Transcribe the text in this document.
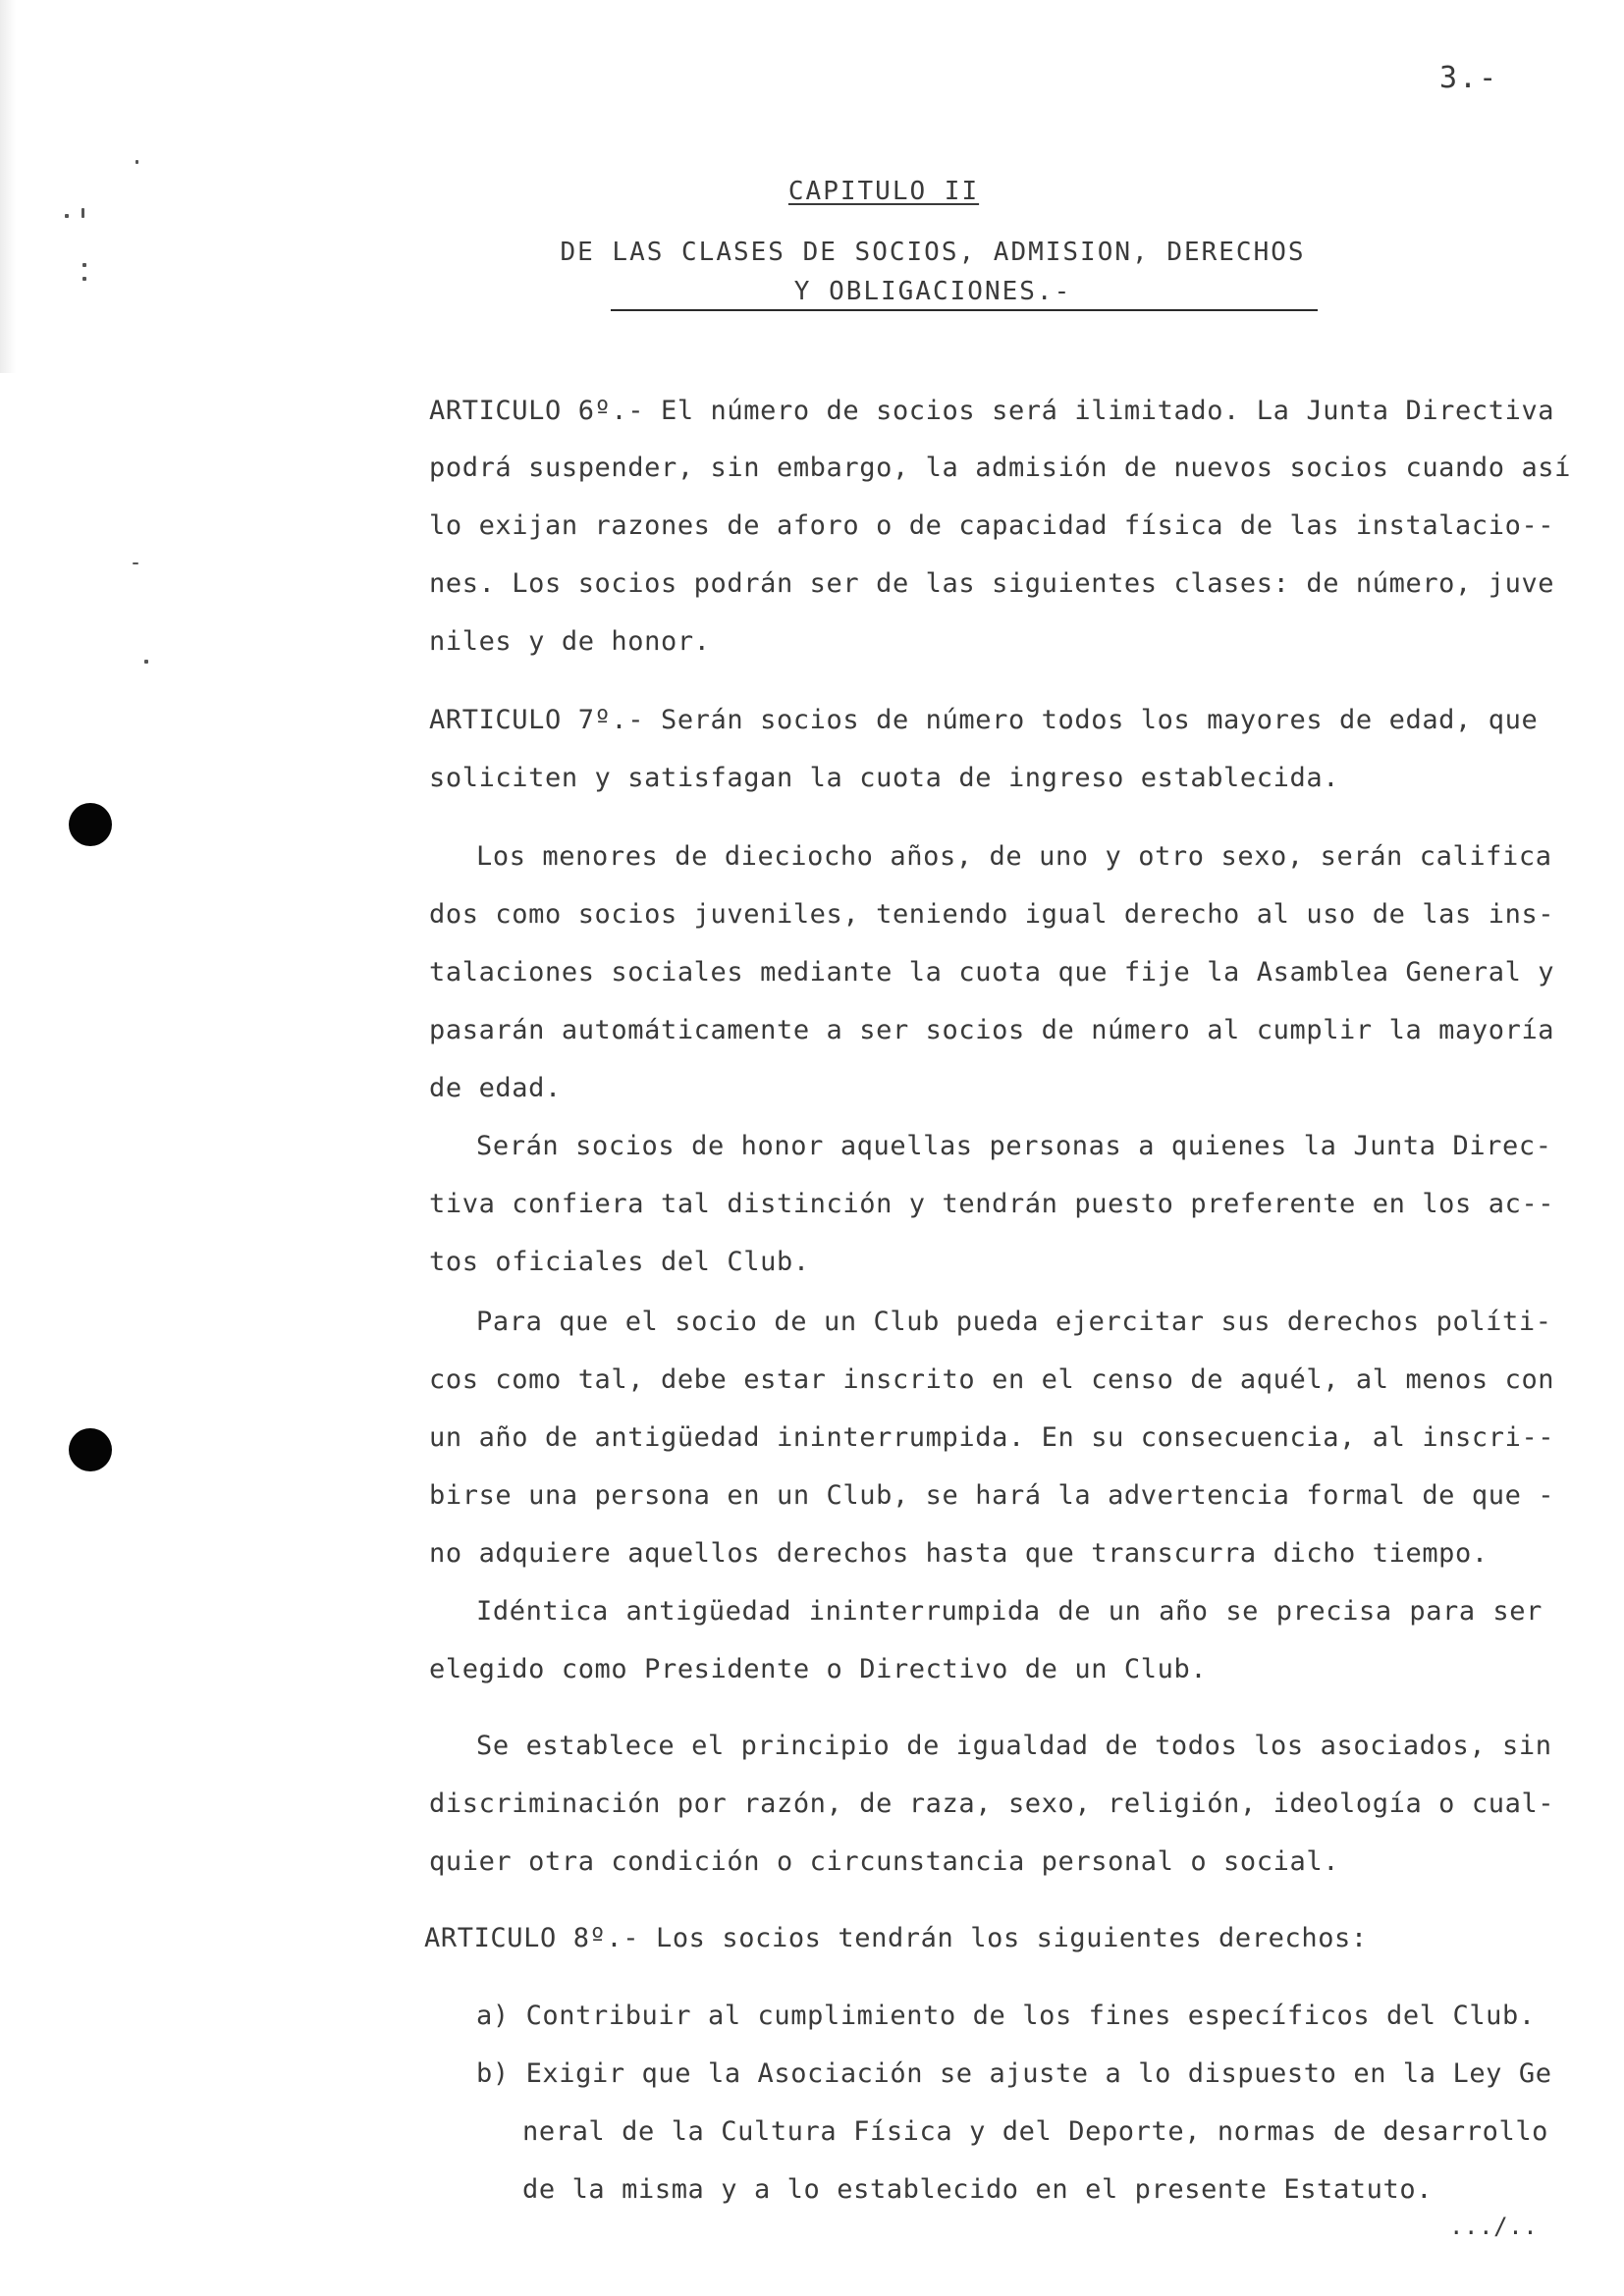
3.-
CAPITULO II
DE LAS CLASES DE SOCIOS, ADMISION, DERECHOS
Y OBLIGACIONES.-
ARTICULO 6º.- El número de socios será ilimitado. La Junta Directiva
podrá suspender, sin embargo, la admisión de nuevos socios cuando así
lo exijan razones de aforo o de capacidad física de las instalacio--
nes. Los socios podrán ser de las siguientes clases: de número, juve
niles y de honor.
ARTICULO 7º.- Serán socios de número todos los mayores de edad, que
soliciten y satisfagan la cuota de ingreso establecida.
Los menores de dieciocho años, de uno y otro sexo, serán califica
dos como socios juveniles, teniendo igual derecho al uso de las ins-
talaciones sociales mediante la cuota que fije la Asamblea General y
pasarán automáticamente a ser socios de número al cumplir la mayoría
de edad.
Serán socios de honor aquellas personas a quienes la Junta Direc-
tiva confiera tal distinción y tendrán puesto preferente en los ac--
tos oficiales del Club.
Para que el socio de un Club pueda ejercitar sus derechos políti-
cos como tal, debe estar inscrito en el censo de aquél, al menos con
un año de antigüedad ininterrumpida. En su consecuencia, al inscri--
birse una persona en un Club, se hará la advertencia formal de que -
no adquiere aquellos derechos hasta que transcurra dicho tiempo.
Idéntica antigüedad ininterrumpida de un año se precisa para ser
elegido como Presidente o Directivo de un Club.
Se establece el principio de igualdad de todos los asociados, sin
discriminación por razón, de raza, sexo, religión, ideología o cual-
quier otra condición o circunstancia personal o social.
ARTICULO 8º.- Los socios tendrán los siguientes derechos:
a) Contribuir al cumplimiento de los fines específicos del Club.
b) Exigir que la Asociación se ajuste a lo dispuesto en la Ley Ge
neral de la Cultura Física y del Deporte, normas de desarrollo
de la misma y a lo establecido en el presente Estatuto.
.../..
